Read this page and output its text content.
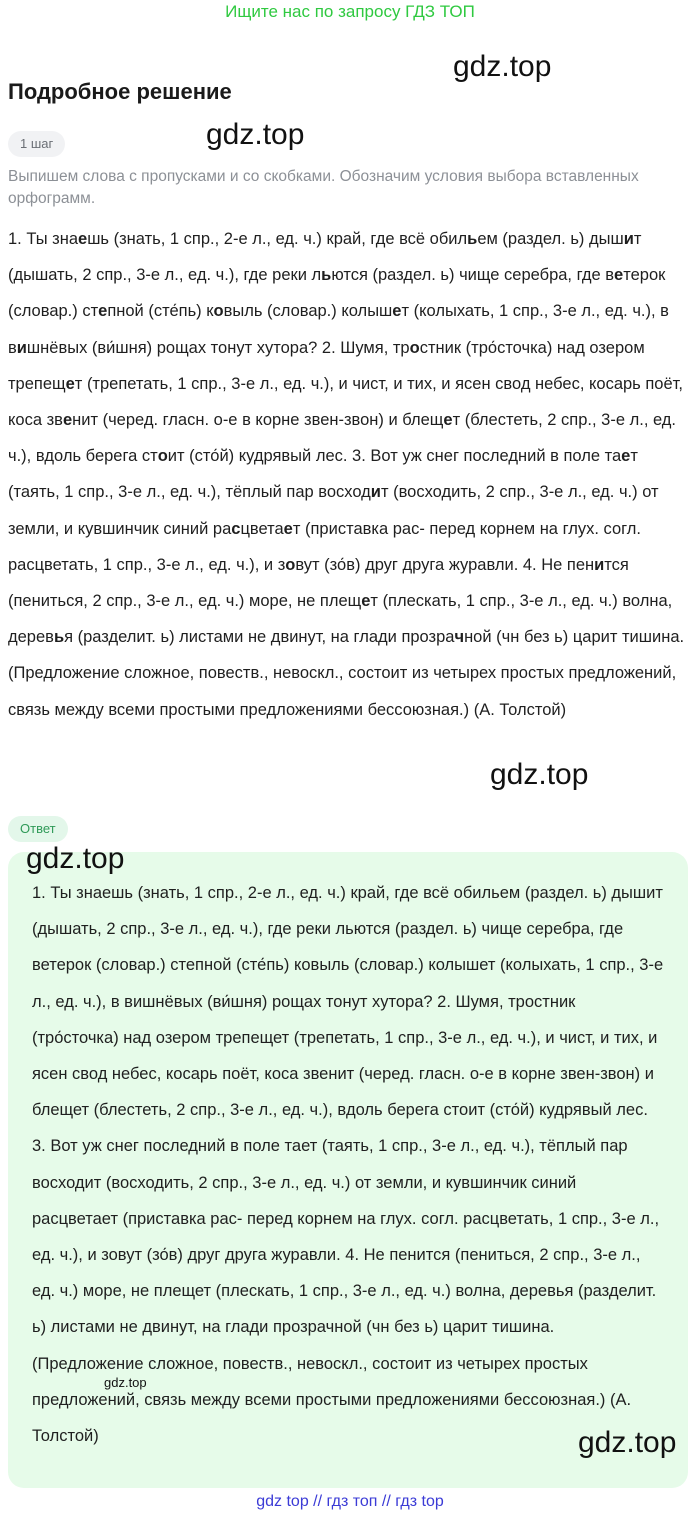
Ищите нас по запросу ГДЗ ТОП
gdz.top
Подробное решение
gdz.top
1 шаг
Выпишем слова с пропусками и со скобками. Обозначим условия выбора вставленных орфограмм.
1. Ты знаешь (знать, 1 спр., 2-е л., ед. ч.) край, где всё обильем (раздел. ь) дышит (дышать, 2 спр., 3-е л., ед. ч.), где реки льются (раздел. ь) чище серебра, где ветерок (словар.) степной (сте́пь) ковыль (словар.) колышет (колыхать, 1 спр., 3-е л., ед. ч.), в вишнёвых (ви́шня) рощах тонут хутора? 2. Шумя, тростник (тро́сточка) над озером трепещет (трепетать, 1 спр., 3-е л., ед. ч.), и чист, и тих, и ясен свод небес, косарь поёт, коса звенит (черед. гласн. о-е в корне звен-звон) и блещет (блестеть, 2 спр., 3-е л., ед. ч.), вдоль берега стоит (сто́й) кудрявый лес. 3. Вот уж снег последний в поле тает (таять, 1 спр., 3-е л., ед. ч.), тёплый пар восходит (восходить, 2 спр., 3-е л., ед. ч.) от земли, и кувшинчик синий расцветает (приставка рас- перед корнем на глух. согл. расцветать, 1 спр., 3-е л., ед. ч.), и зовут (зо́в) друг друга журавли. 4. Не пенится (пениться, 2 спр., 3-е л., ед. ч.) море, не плещет (плескать, 1 спр., 3-е л., ед. ч.) волна, деревья (разделит. ь) листами не двинут, на глади прозрачной (чн без ь) царит тишина. (Предложение сложное, повеств., невоскл., состоит из четырех простых предложений, связь между всеми простыми предложениями бессоюзная.) (А. Толстой)
gdz.top
Ответ
gdz.top
1. Ты знаешь (знать, 1 спр., 2-е л., ед. ч.) край, где всё обильем (раздел. ь) дышит (дышать, 2 спр., 3-е л., ед. ч.), где реки льются (раздел. ь) чище серебра, где ветерок (словар.) степной (сте́пь) ковыль (словар.) колышет (колыхать, 1 спр., 3-е л., ед. ч.), в вишнёвых (ви́шня) рощах тонут хутора? 2. Шумя, тростник (тро́сточка) над озером трепещет (трепетать, 1 спр., 3-е л., ед. ч.), и чист, и тих, и ясен свод небес, косарь поёт, коса звенит (черед. гласн. о-е в корне звен-звон) и блещет (блестеть, 2 спр., 3-е л., ед. ч.), вдоль берега стоит (сто́й) кудрявый лес. 3. Вот уж снег последний в поле тает (таять, 1 спр., 3-е л., ед. ч.), тёплый пар восходит (восходить, 2 спр., 3-е л., ед. ч.) от земли, и кувшинчик синий расцветает (приставка рас- перед корнем на глух. согл. расцветать, 1 спр., 3-е л., ед. ч.), и зовут (зо́в) друг друга журавли. 4. Не пенится (пениться, 2 спр., 3-е л., ед. ч.) море, не плещет (плескать, 1 спр., 3-е л., ед. ч.) волна, деревья (разделит. ь) листами не двинут, на глади прозрачной (чн без ь) царит тишина. (Предложение сложное, повеств., невоскл., состоит из четырех простых предложений, связь между всеми простыми предложениями бессоюзная.) (А. Толстой)
gdz.top
gdz.top
gdz top // гдз топ // гдз top
